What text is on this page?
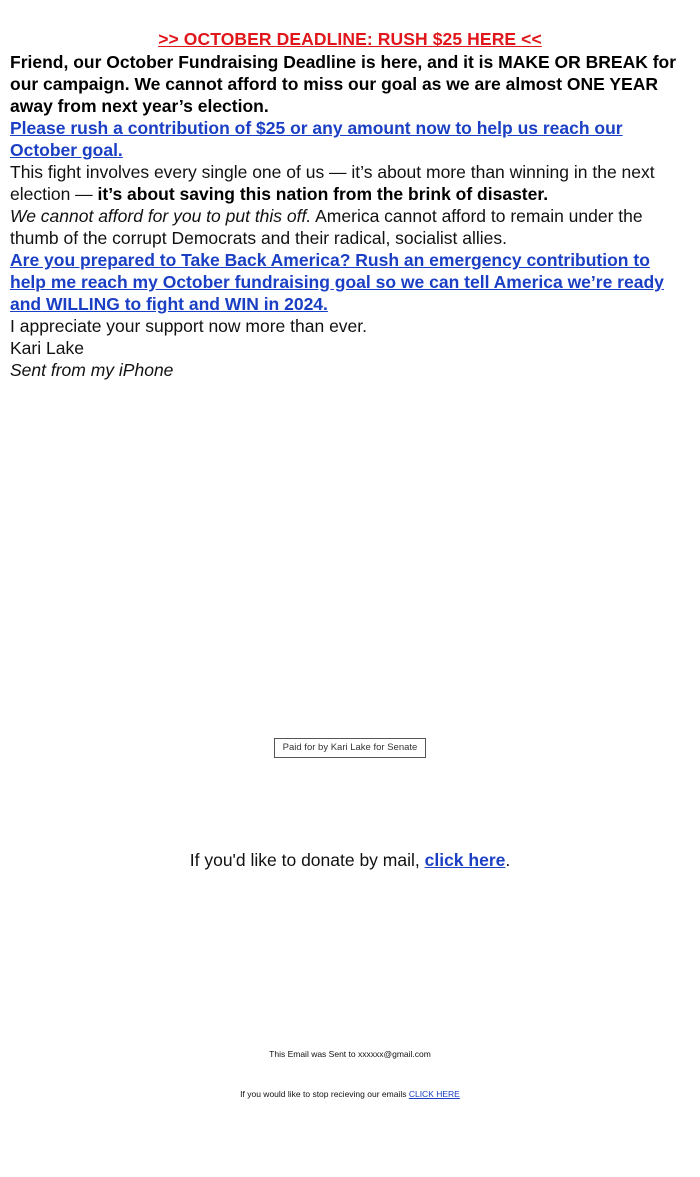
>> OCTOBER DEADLINE: RUSH $25 HERE <<

Friend, our October Fundraising Deadline is here, and it is MAKE OR BREAK for our campaign. We cannot afford to miss our goal as we are almost ONE YEAR away from next year’s election.

Please rush a contribution of $25 or any amount now to help us reach our October goal.

This fight involves every single one of us — it’s about more than winning in the next election — it’s about saving this nation from the brink of disaster.

We cannot afford for you to put this off. America cannot afford to remain under the thumb of the corrupt Democrats and their radical, socialist allies.

Are you prepared to Take Back America? Rush an emergency contribution to help me reach my October fundraising goal so we can tell America we’re ready and WILLING to fight and WIN in 2024.

I appreciate your support now more than ever.

Kari Lake
Sent from my iPhone

Paid for by Kari Lake for Senate
If you'd like to donate by mail, click here.
This Email was Sent to xxxxxx@gmail.com
If you would like to stop recieving our emails CLICK HERE
